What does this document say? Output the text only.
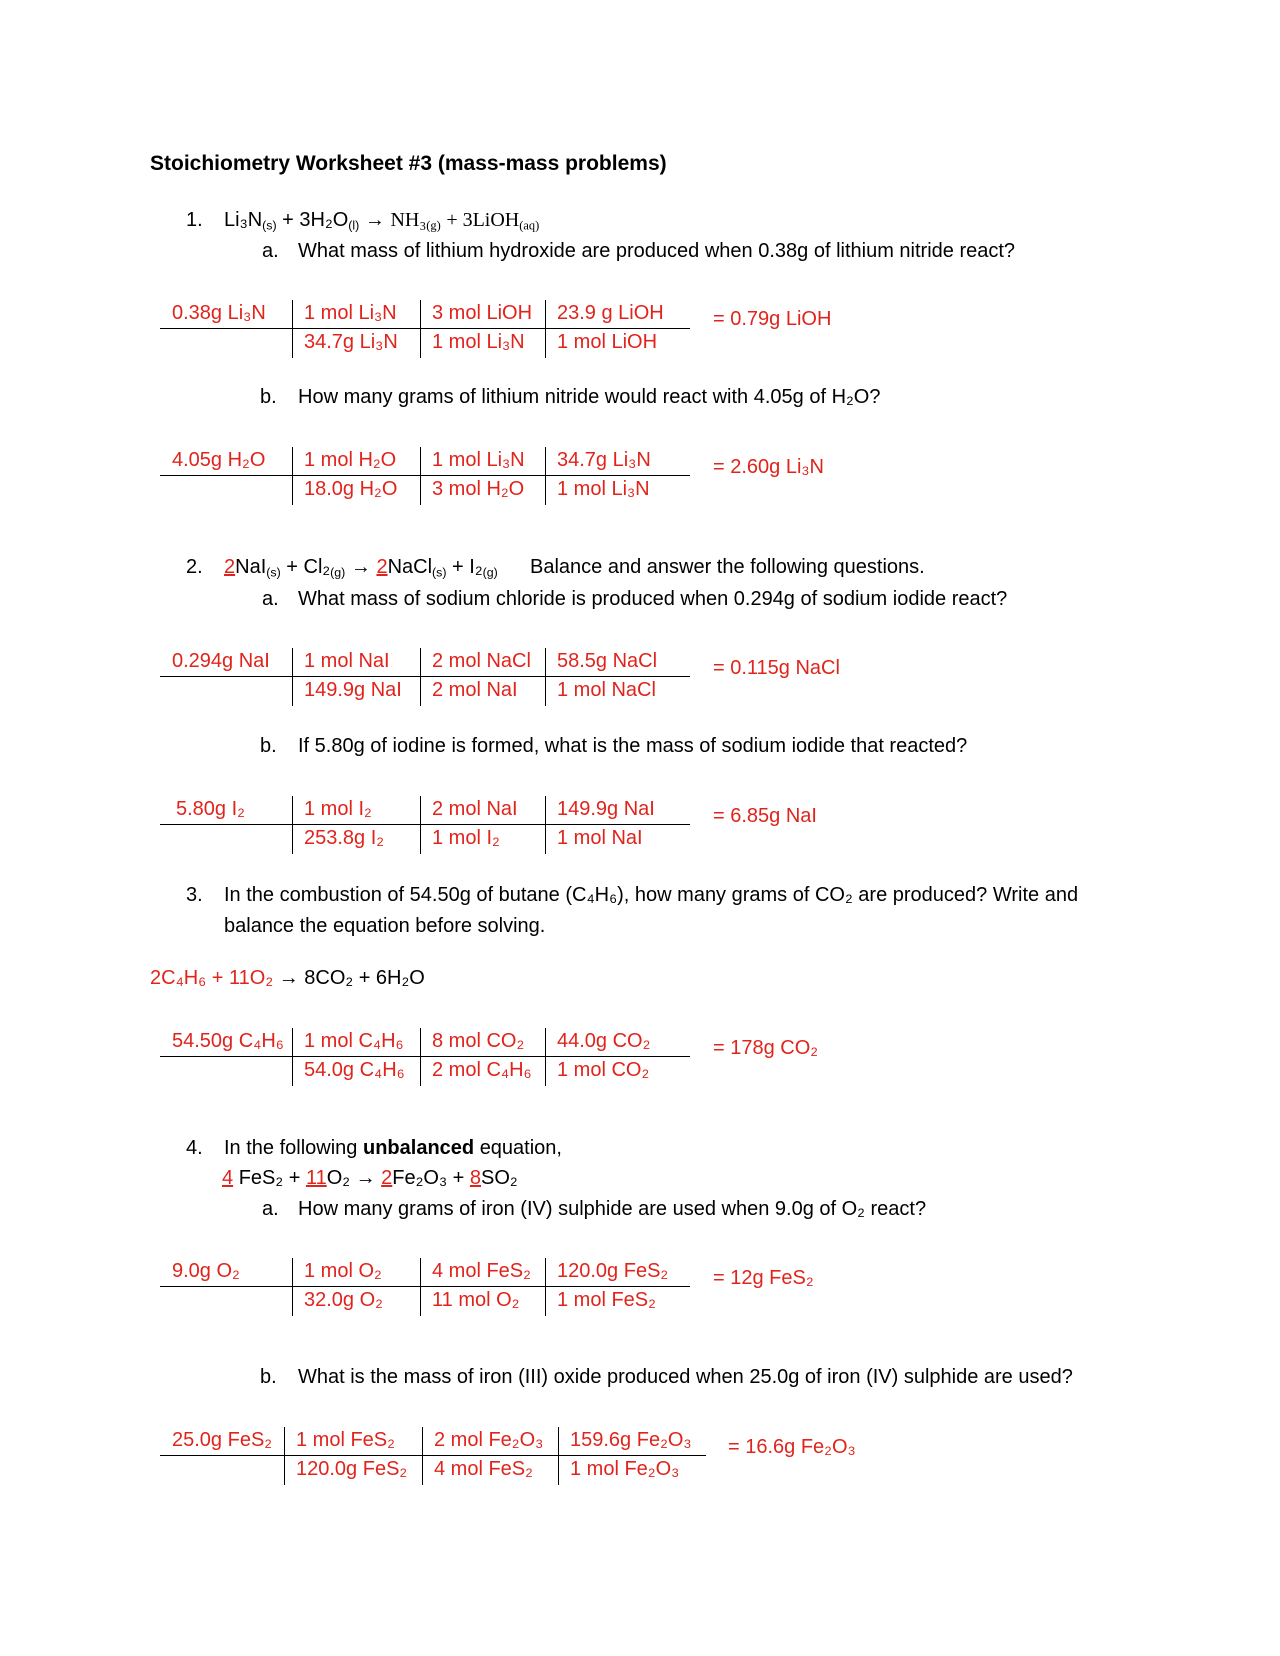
Stoichiometry Worksheet #3 (mass-mass problems)
1. $Li_3N_{(s)} + 3H_2O_{(l)} \to NH_3_{(g)}$ + 3LiOH$_{(aq)}$
a. What mass of lithium hydroxide are produced when 0.38g of lithium nitride react?
0.38g Li₃N 1 mol Li₃N
34.7g Li₃N
3 mol LiOH
1 mol Li₃N
23.9 g LiOH
1 mol LiOH
= 0.79g LiOH
b. How many grams of lithium nitride would react with 4.05g of H₂O?
4.05g H₂O 1 mol H₂O
18.0g H₂O
1 mol Li₃N
3 mol H₂O
34.7g Li₃N
1 mol Li₃N
= 2.60g Li₃N
2. $2NaI_{(s)} + Cl_2_{(g)}$ → 2NaCl$_{(s)}$ + $I_2_{(g)}$ Balance and answer the following questions.
a. What mass of sodium chloride is produced when 0.294g of sodium iodide react?
0.294g NaI 1 mol NaI
149.9g NaI
2 mol NaCl
2 mol NaI
58.5g NaCl
1 mol NaCl
= 0.115g NaCl
b. If 5.80g of iodine is formed, what is the mass of sodium iodide that reacted?
5.80g I₂	1 mol I₂
253.8g I₂
2 mol NaI
1 mol I₂
149.9g NaI
1 mol NaI
= 6.85g NaI
3. In the combustion of 54.50g of butane (C₄H₆), how many grams of CO₂ are produced? Write and
balance the equation before solving.
2C₄H₆ + 11O₂ → 8CO₂ + 6H₂O
54.50g C₄H₆ 1 mol C₄H₆
54.0g C₄H₆
8 mol CO₂
2 mol C₄H₆
44.0g CO₂
1 mol CO₂
= 178g CO₂
4. In the following unbalanced equation,
4 FeS₂ + 11O₂ → 2Fe₂O₃ + 8SO₂
a. How many grams of iron (IV) sulphide are used when 9.0g of O₂ react?
9.0g O₂	1 mol O₂
32.0g O₂
4 mol FeS₂
11 mol O₂
120.0g FeS₂
1 mol FeS₂
= 12g FeS₂
b. What is the mass of iron (III) oxide produced when 25.0g of iron (IV) sulphide are used?
25.0g FeS₂ 1 mol FeS₂
120.0g FeS₂
2 mol Fe₂O₃
4 mol FeS₂
159.6g Fe₂O₃
1 mol Fe₂O₃
= 16.6g Fe₂O₃
